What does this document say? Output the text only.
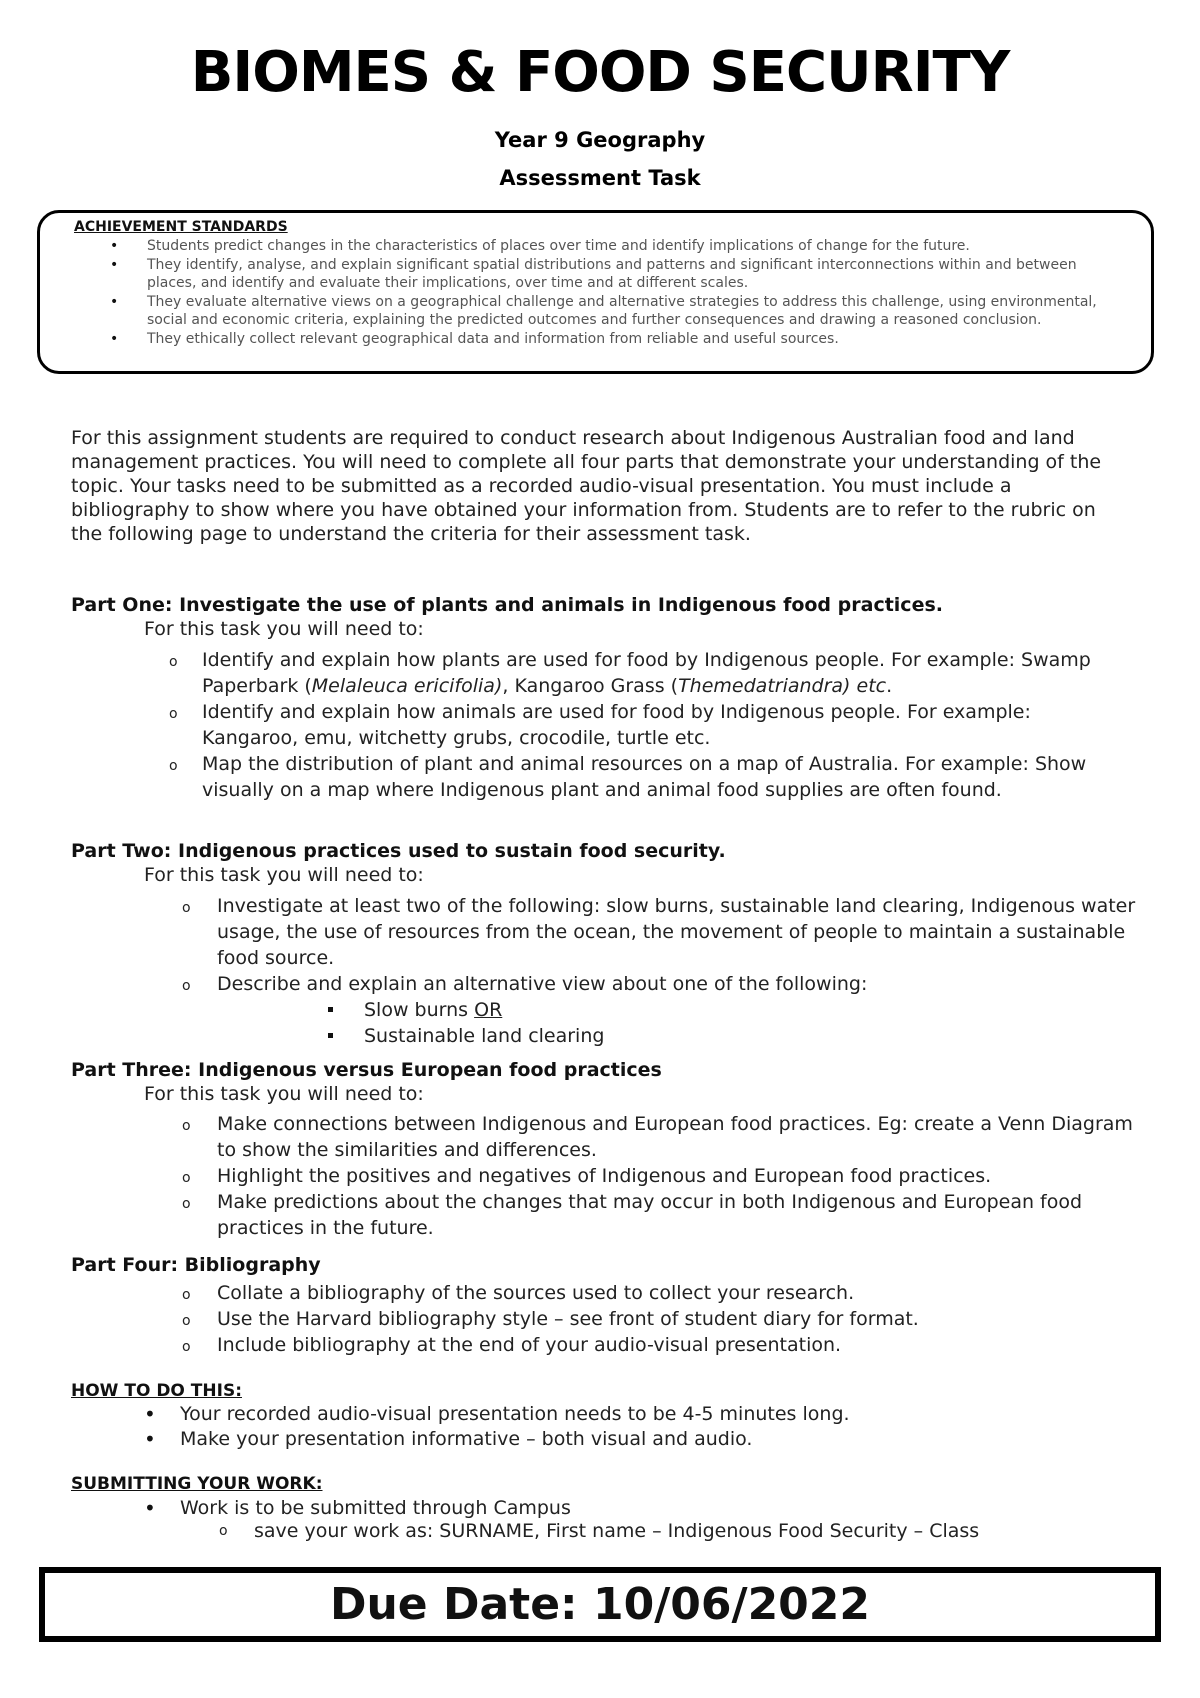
BIOMES & FOOD SECURITY
Year 9 Geography
Assessment Task
ACHIEVEMENT STANDARDS
• Students predict changes in the characteristics of places over time and identify implications of change for the future.
• They identify, analyse, and explain significant spatial distributions and patterns and significant interconnections within and between places, and identify and evaluate their implications, over time and at different scales.
• They evaluate alternative views on a geographical challenge and alternative strategies to address this challenge, using environmental, social and economic criteria, explaining the predicted outcomes and further consequences and drawing a reasoned conclusion.
• They ethically collect relevant geographical data and information from reliable and useful sources.
For this assignment students are required to conduct research about Indigenous Australian food and land management practices. You will need to complete all four parts that demonstrate your understanding of the topic. Your tasks need to be submitted as a recorded audio-visual presentation. You must include a bibliography to show where you have obtained your information from. Students are to refer to the rubric on the following page to understand the criteria for their assessment task.
Part One: Investigate the use of plants and animals in Indigenous food practices.
For this task you will need to:
o Identify and explain how plants are used for food by Indigenous people. For example: Swamp Paperbark (Melaleuca ericifolia), Kangaroo Grass (Themedatriandra) etc.
o Identify and explain how animals are used for food by Indigenous people. For example: Kangaroo, emu, witchetty grubs, crocodile, turtle etc.
o Map the distribution of plant and animal resources on a map of Australia. For example: Show visually on a map where Indigenous plant and animal food supplies are often found.
Part Two: Indigenous practices used to sustain food security.
For this task you will need to:
o Investigate at least two of the following: slow burns, sustainable land clearing, Indigenous water usage, the use of resources from the ocean, the movement of people to maintain a sustainable food source.
o Describe and explain an alternative view about one of the following:
Slow burns OR
Sustainable land clearing
Part Three: Indigenous versus European food practices
For this task you will need to:
o Make connections between Indigenous and European food practices. Eg: create a Venn Diagram to show the similarities and differences.
o Highlight the positives and negatives of Indigenous and European food practices.
o Make predictions about the changes that may occur in both Indigenous and European food practices in the future.
Part Four: Bibliography
o Collate a bibliography of the sources used to collect your research.
o Use the Harvard bibliography style – see front of student diary for format.
o Include bibliography at the end of your audio-visual presentation.
HOW TO DO THIS:
• Your recorded audio-visual presentation needs to be 4-5 minutes long.
• Make your presentation informative – both visual and audio.
SUBMITTING YOUR WORK:
• Work is to be submitted through Campus
o save your work as: SURNAME, First name – Indigenous Food Security – Class
Due Date: 10/06/2022
